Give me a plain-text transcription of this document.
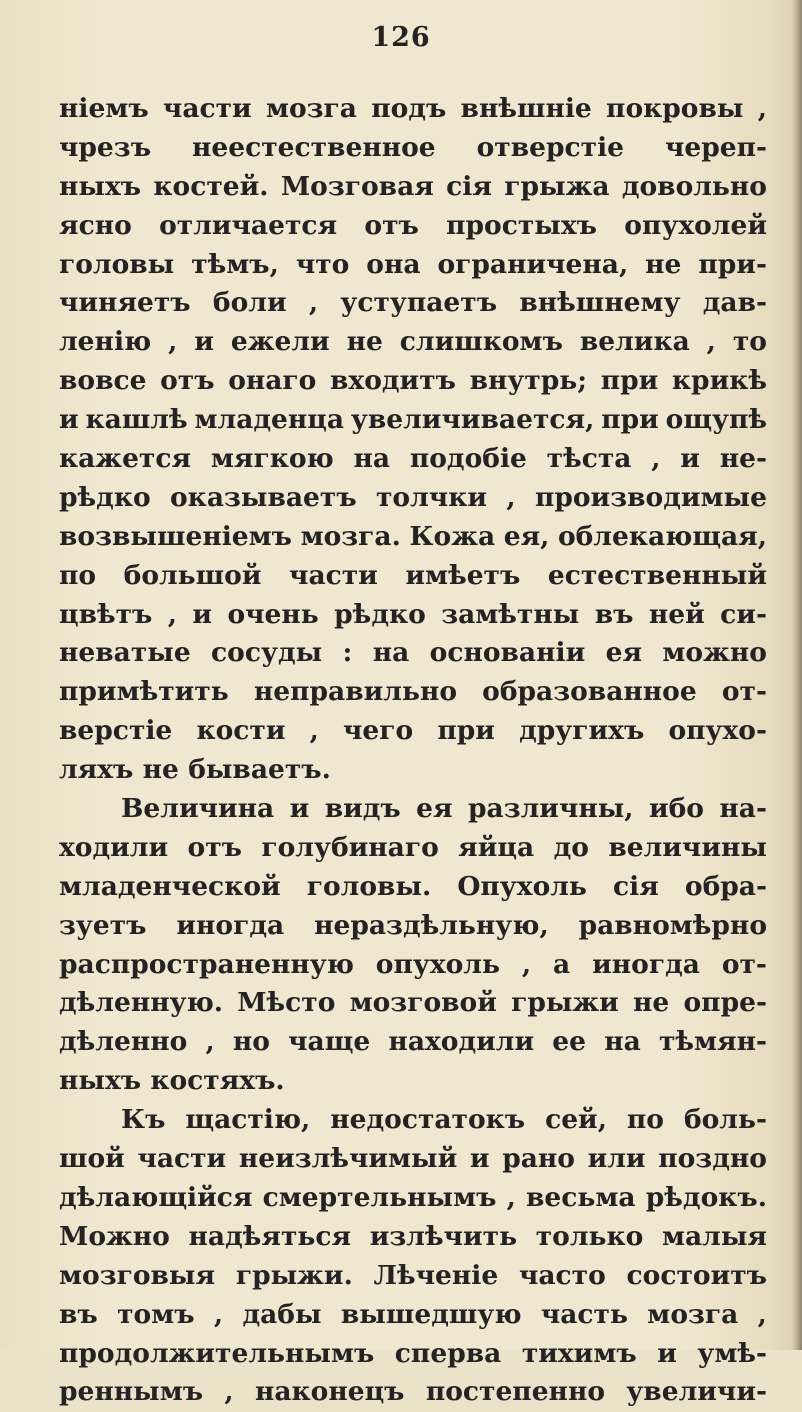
126
ніемъ части мозга подъ внѣшніе покровы ,
чрезъ неестественное отверстіе череп-
ныхъ костей. Мозговая сія грыжа довольно
ясно отличается отъ простыхъ опухолей
головы тѣмъ, что она ограничена, не при-
чиняетъ боли , уступаетъ внѣшнему дав-
ленію , и ежели не слишкомъ велика , то
вовсе отъ онаго входитъ внутрь; при крикѣ
и кашлѣ младенца увеличивается, при ощупѣ
кажется мягкою на подобіе тѣста , и не-
рѣдко оказываетъ толчки , производимые
возвышеніемъ мозга. Кожа ея, облекающая,
по большой части имѣетъ естественный
цвѣтъ , и очень рѣдко замѣтны въ ней си-
неватые сосуды : на основаніи ея можно
примѣтить неправильно образованное от-
верстіе кости , чего при другихъ опухо-
ляхъ не бываетъ.
Величина и видъ ея различны, ибо на-
ходили отъ голубинаго яйца до величины
младенческой головы. Опухоль сія обра-
зуетъ иногда нераздѣльную, равномѣрно
распространенную опухоль , а иногда от-
дѣленную. Мѣсто мозговой грыжи не опре-
дѣленно , но чаще находили ее на тѣмян-
ныхъ костяхъ.
Къ щастію, недостатокъ сей, по боль-
шой части неизлѣчимый и рано или поздно
дѣлающійся смертельнымъ , весьма рѣдокъ.
Можно надѣяться излѣчить только малыя
мозговыя грыжи. Лѣченіе часто состоитъ
въ томъ , дабы вышедшую часть мозга ,
продолжительнымъ сперва тихимъ и умѣ-
реннымъ , наконецъ постепенно увеличи-
